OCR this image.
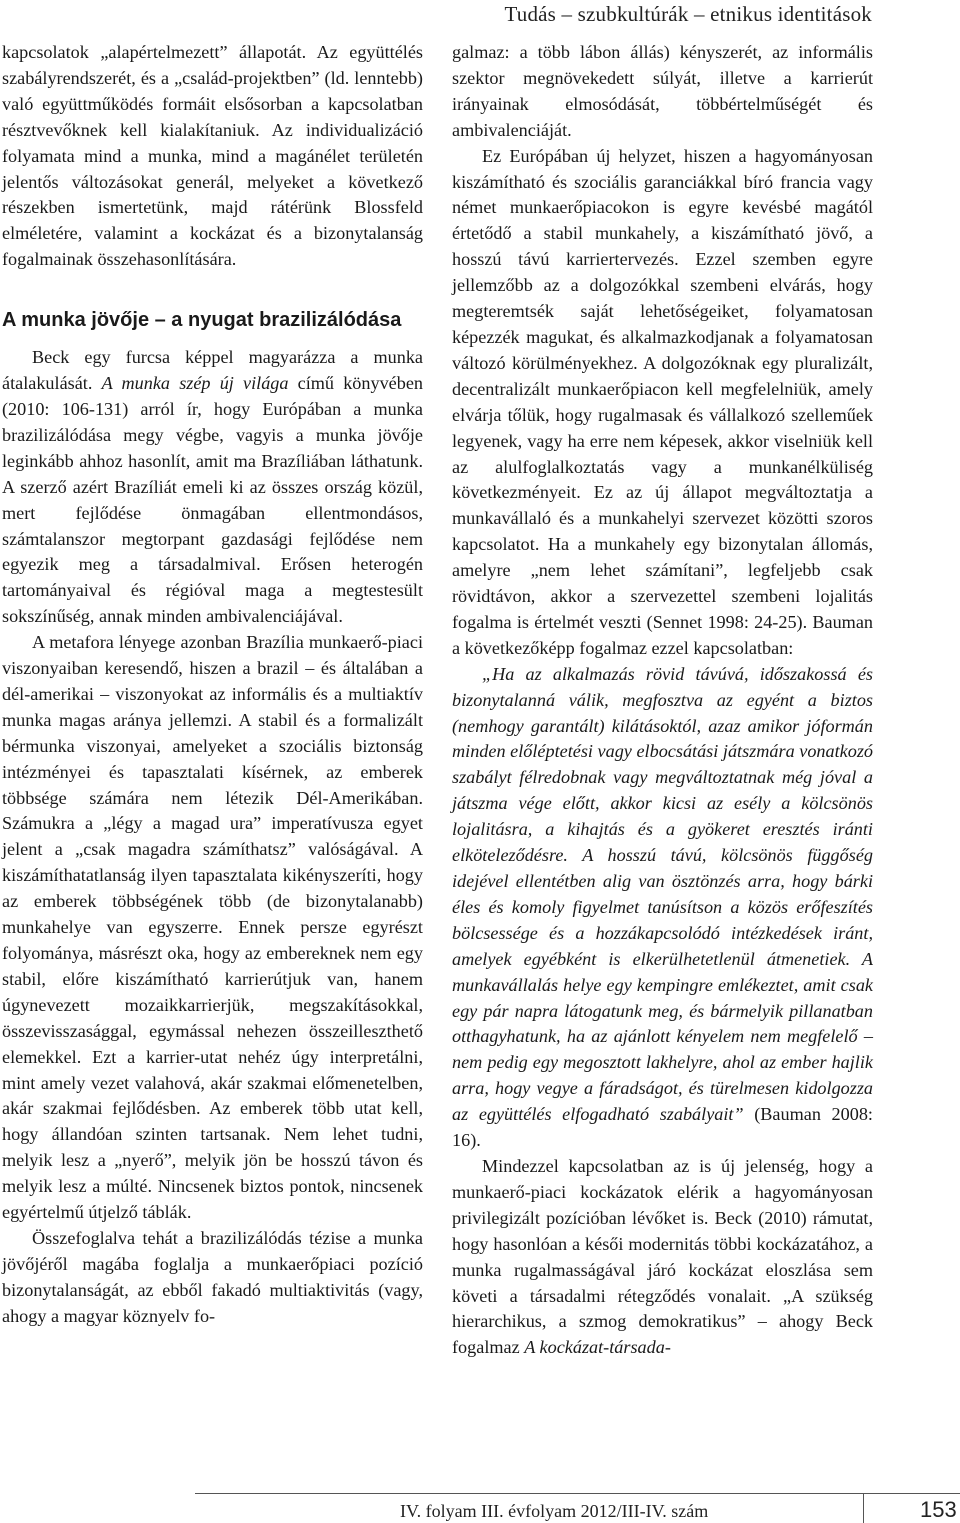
Tudás – szubkultúrák – etnikus identitások

kapcsolatok „alapértelmezett” állapotát. Az együttélés szabályrendszerét, és a „család-projektben” (ld. lenntebb) való együttműködés formáit elsősorban a kapcsolatban résztvevőknek kell kialakítaniuk. Az individualizáció folyamata mind a munka, mind a magánélet területén jelentős változásokat generál, melyeket a következő részekben ismertetünk, majd rátérünk Blossfeld elméletére, valamint a kockázat és a bizonytalanság fogalmainak összehasonlítására.

A munka jövője – a nyugat brazilizálódása

Beck egy furcsa képpel magyarázza a munka átalakulását. A munka szép új világa című könyvében (2010: 106-131) arról ír, hogy Európában a munka brazilizálódása megy végbe, vagyis a munka jövője leginkább ahhoz hasonlít, amit ma Brazíliában láthatunk. A szerző azért Brazíliát emeli ki az összes ország közül, mert fejlődése önmagában ellentmondásos, számtalanszor megtorpant gazdasági fejlődése nem egyezik meg a társadalmival. Erősen heterogén tartományaival és régióval maga a megtestesült sokszínűség, annak minden ambivalenciájával.

A metafora lényege azonban Brazília munkaerő-piaci viszonyaiban keresendő, hiszen a brazil – és általában a dél-amerikai – viszonyokat az informális és a multiaktív munka magas aránya jellemzi. A stabil és a formalizált bérmunka viszonyai, amelyeket a szociális biztonság intézményei és tapasztalati kísérnek, az emberek többsége számára nem létezik Dél-Amerikában. Számukra a „légy a magad ura” imperatívusza egyet jelent a „csak magadra számíthatsz” valóságával. A kiszámíthatatlanság ilyen tapasztalata kikényszeríti, hogy az emberek többségének több (de bizonytalanabb) munkahelye van egyszerre. Ennek persze egyrészt folyománya, másrészt oka, hogy az embereknek nem egy stabil, előre kiszámítható karrierútjuk van, hanem úgynevezett mozaikkarrierjük, megszakításokkal, összevisszasággal, egymással nehezen összeilleszthető elemekkel. Ezt a karrier-utat nehéz úgy interpretálni, mint amely vezet valahová, akár szakmai előmenetelben, akár szakmai fejlődésben. Az emberek több utat kell, hogy állandóan szinten tartsanak. Nem lehet tudni, melyik lesz a „nyerő”, melyik jön be hosszú távon és melyik lesz a múlté. Nincsenek biztos pontok, nincsenek egyértelmű útjelző táblák.

Összefoglalva tehát a brazilizálódás tézise a munka jövőjéről magába foglalja a munkaerőpiaci pozíció bizonytalanságát, az ebből fakadó multiaktivitás (vagy, ahogy a magyar köznyelv fo-

galmaz: a több lábon állás) kényszerét, az informális szektor megnövekedett súlyát, illetve a karrierút irányainak elmosódását, többértelműségét és ambivalenciáját.

Ez Európában új helyzet, hiszen a hagyományosan kiszámítható és szociális garanciákkal bíró francia vagy német munkaerőpiacokon is egyre kevésbé magától értetődő a stabil munkahely, a kiszámítható jövő, a hosszú távú karriertervezés. Ezzel szemben egyre jellemzőbb az a dolgozókkal szembeni elvárás, hogy megteremtsék saját lehetőségeiket, folyamatosan képezzék magukat, és alkalmazkodjanak a folyamatosan változó körülményekhez. A dolgozóknak egy pluralizált, decentralizált munkaerőpiacon kell megfelelniük, amely elvárja tőlük, hogy rugalmasak és vállalkozó szelleműek legyenek, vagy ha erre nem képesek, akkor viselniük kell az alulfoglalkoztatás vagy a munkanélküliség következményeit. Ez az új állapot megváltoztatja a munkavállaló és a munkahelyi szervezet közötti szoros kapcsolatot. Ha a munkahely egy bizonytalan állomás, amelyre „nem lehet számítani”, legfeljebb csak rövidtávon, akkor a szervezettel szembeni lojalitás fogalma is értelmét veszti (Sennet 1998: 24-25). Bauman a következőképp fogalmaz ezzel kapcsolatban:

„Ha az alkalmazás rövid távúvá, időszakossá és bizonytalanná válik, megfosztva az egyént a biztos (nemhogy garantált) kilátásoktól, azaz amikor jóformán minden előléptetési vagy elbocsátási játszmára vonatkozó szabályt félredobnak vagy megváltoztatnak még jóval a játszma vége előtt, akkor kicsi az esély a kölcsönös lojalitásra, a kihajtás és a gyökeret eresztés iránti elköteleződésre. A hosszú távú, kölcsönös függőség idejével ellentétben alig van ösztönzés arra, hogy bárki éles és komoly figyelmet tanúsítson a közös erőfeszítés bölcsessége és a hozzákapcsolódó intézkedések iránt, amelyek egyébként is elkerülhetetlenül átmenetiek. A munkavállalás helye egy kempingre emlékeztet, amit csak egy pár napra látogatunk meg, és bármelyik pillanatban otthagyhatunk, ha az ajánlott kényelem nem megfelelő – nem pedig egy megosztott lakhelyre, ahol az ember hajlik arra, hogy vegye a fáradságot, és türelmesen kidolgozza az együttélés elfogadható szabályait” (Bauman 2008: 16).

Mindezzel kapcsolatban az is új jelenség, hogy a munkaerő-piaci kockázatok elérik a hagyományosan privilegizált pozícióban lévőket is. Beck (2010) rámutat, hogy hasonlóan a késői modernitás többi kockázatához, a munka rugalmasságával járó kockázat eloszlása sem követi a társadalmi rétegződés vonalait. „A szükség hierarchikus, a szmog demokratikus” – ahogy Beck fogalmaz A kockázat-társada-

IV. folyam III. évfolyam 2012/III-IV. szám	153
